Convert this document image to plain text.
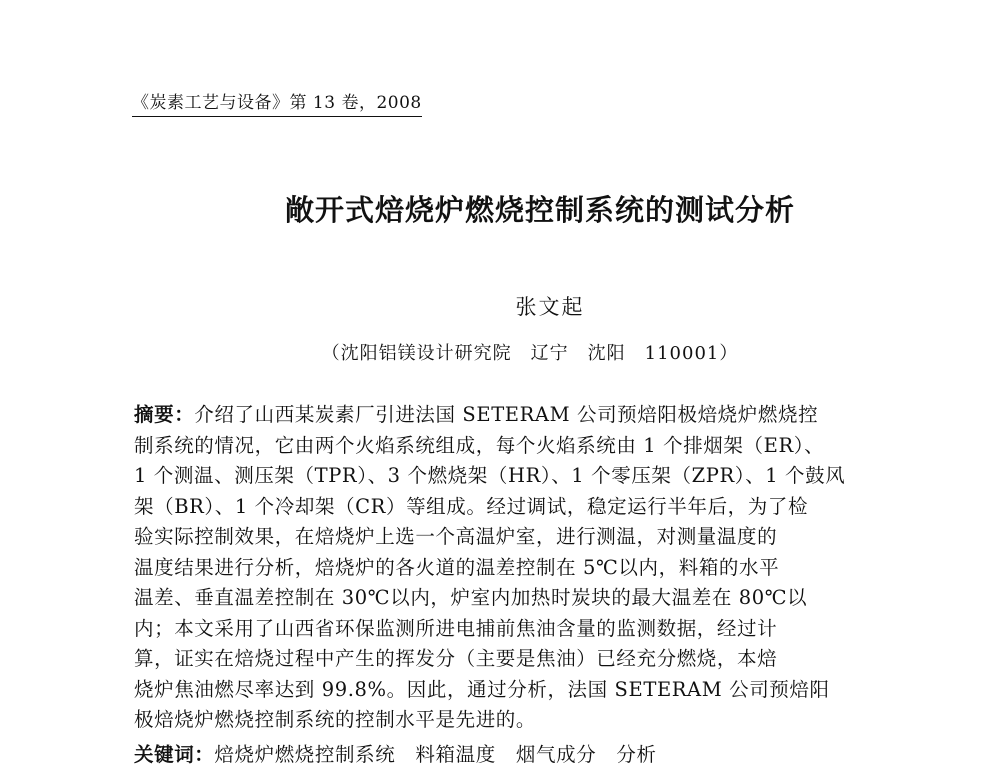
《炭素工艺与设备》第 13 卷，2008
敞开式焙烧炉燃烧控制系统的测试分析
张文起
（沈阳铝镁设计研究院　辽宁　沈阳　110001）
摘要：介绍了山西某炭素厂引进法国 SETERAM 公司预焙阳极焙烧炉燃烧控
制系统的情况，它由两个火焰系统组成，每个火焰系统由 1 个排烟架（ER）、
1 个测温、测压架（TPR）、3 个燃烧架（HR）、1 个零压架（ZPR）、1 个鼓风
架（BR）、1 个冷却架（CR）等组成。经过调试，稳定运行半年后，为了检
验实际控制效果，在焙烧炉上选一个高温炉室，进行测温，对测量温度的
温度结果进行分析，焙烧炉的各火道的温差控制在 5℃以内，料箱的水平
温差、垂直温差控制在 30℃以内，炉室内加热时炭块的最大温差在 80℃以
内；本文采用了山西省环保监测所进电捕前焦油含量的监测数据，经过计
算，证实在焙烧过程中产生的挥发分（主要是焦油）已经充分燃烧，本焙
烧炉焦油燃尽率达到 99.8%。因此，通过分析，法国 SETERAM 公司预焙阳
极焙烧炉燃烧控制系统的控制水平是先进的。
关键词：焙烧炉燃烧控制系统　料箱温度　烟气成分　分析
